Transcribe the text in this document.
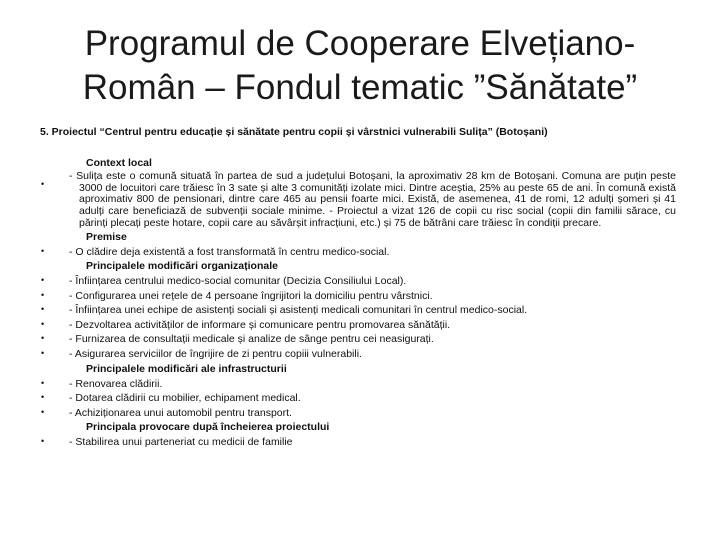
Programul de Cooperare Elvețiano-Român – Fondul tematic ”Sănătate”

5. Proiectul “Centrul pentru educație și sănătate pentru copii și vârstnici vulnerabili Sulița” (Botoșani)

Context local
•
- Sulița este o comună situată în partea de sud a județului Botoșani, la aproximativ 28 km de Botoșani. Comuna are puțin peste 3000 de locuitori care trăiesc în 3 sate și alte 3 comunități izolate mici. Dintre aceștia, 25% au peste 65 de ani. În comună există aproximativ 800 de pensionari, dintre care 465 au pensii foarte mici. Există, de asemenea, 41 de romi, 12 adulți șomeri și 41 adulți care beneficiază de subvenții sociale minime. - Proiectul a vizat 126 de copii cu risc social (copii din familii sărace, cu părinți plecați peste hotare, copii care au săvârșit infracțiuni, etc.) și 75 de bătrâni care trăiesc în condiții precare.
Premise
•	- O clădire deja existentă a fost transformată în centru medico-social.
Principalele modificări organizaționale
•	- Înființarea centrului medico-social comunitar (Decizia Consiliului Local).
•	- Configurarea unei rețele de 4 persoane îngrijitori la domiciliu pentru vârstnici.
•	- Înființarea unei echipe de asistenți sociali și asistenți medicali comunitari în centrul medico-social.
•	- Dezvoltarea activităților de informare și comunicare pentru promovarea sănătății.
•	- Furnizarea de consultații medicale și analize de sânge pentru cei neasigurați.
•	- Asigurarea serviciilor de îngrijire de zi pentru copiii vulnerabili.
Principalele modificări ale infrastructurii
•	- Renovarea clădirii.
•	- Dotarea clădirii cu mobilier, echipament medical.
•	- Achiziționarea unui automobil pentru transport.
Principala provocare după încheierea proiectului
•	- Stabilirea unui parteneriat cu medicii de familie
